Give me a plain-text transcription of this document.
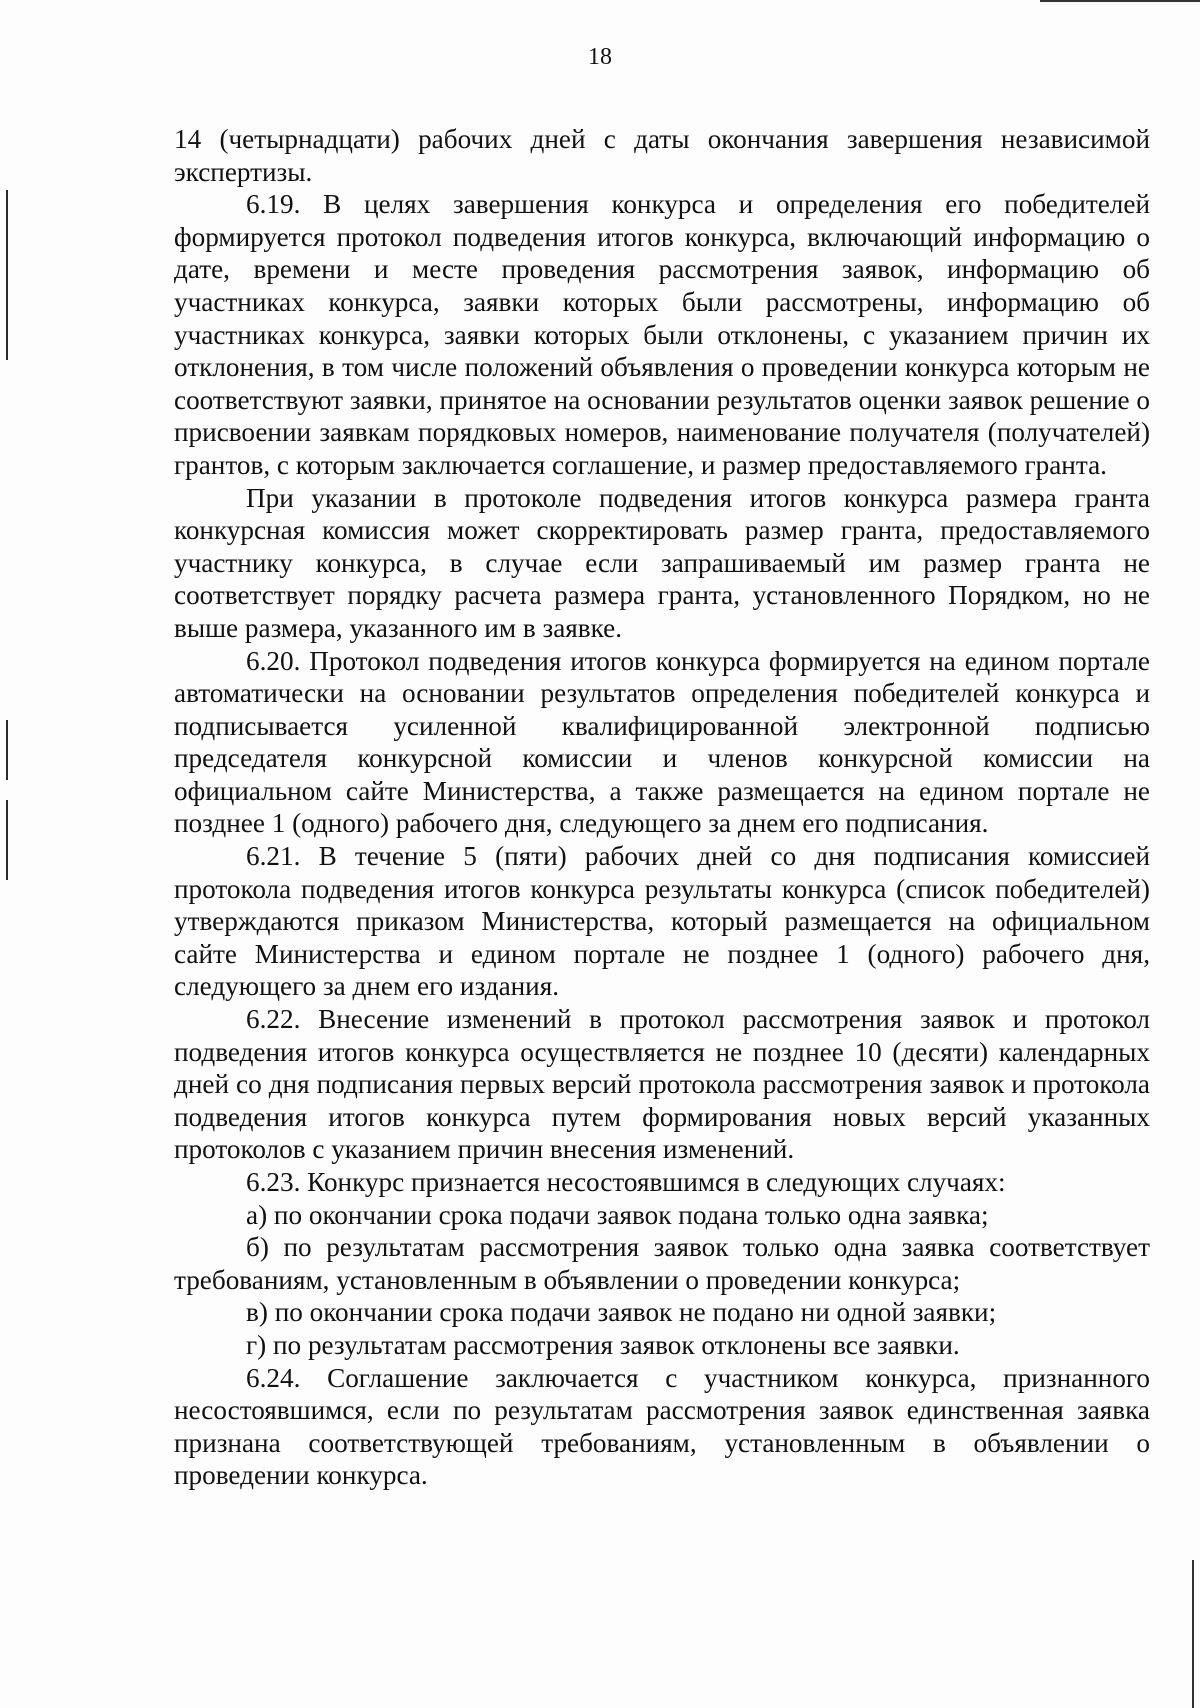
18

14 (четырнадцати) рабочих дней с даты окончания завершения независимой экспертизы.

6.19. В целях завершения конкурса и определения его победителей формируется протокол подведения итогов конкурса, включающий информацию о дате, времени и месте проведения рассмотрения заявок, информацию об участниках конкурса, заявки которых были рассмотрены, информацию об участниках конкурса, заявки которых были отклонены, с указанием причин их отклонения, в том числе положений объявления о проведении конкурса которым не соответствуют заявки, принятое на основании результатов оценки заявок решение о присвоении заявкам порядковых номеров, наименование получателя (получателей) грантов, с которым заключается соглашение, и размер предоставляемого гранта.

При указании в протоколе подведения итогов конкурса размера гранта конкурсная комиссия может скорректировать размер гранта, предоставляемого участнику конкурса, в случае если запрашиваемый им размер гранта не соответствует порядку расчета размера гранта, установленного Порядком, но не выше размера, указанного им в заявке.

6.20. Протокол подведения итогов конкурса формируется на едином портале автоматически на основании результатов определения победителей конкурса и подписывается усиленной квалифицированной электронной подписью председателя конкурсной комиссии и членов конкурсной комиссии на официальном сайте Министерства, а также размещается на едином портале не позднее 1 (одного) рабочего дня, следующего за днем его подписания.

6.21. В течение 5 (пяти) рабочих дней со дня подписания комиссией протокола подведения итогов конкурса результаты конкурса (список победителей) утверждаются приказом Министерства, который размещается на официальном сайте Министерства и едином портале не позднее 1 (одного) рабочего дня, следующего за днем его издания.

6.22. Внесение изменений в протокол рассмотрения заявок и протокол подведения итогов конкурса осуществляется не позднее 10 (десяти) календарных дней со дня подписания первых версий протокола рассмотрения заявок и протокола подведения итогов конкурса путем формирования новых версий указанных протоколов с указанием причин внесения изменений.

6.23. Конкурс признается несостоявшимся в следующих случаях:

а) по окончании срока подачи заявок подана только одна заявка;

б) по результатам рассмотрения заявок только одна заявка соответствует требованиям, установленным в объявлении о проведении конкурса;

в) по окончании срока подачи заявок не подано ни одной заявки;

г) по результатам рассмотрения заявок отклонены все заявки.

6.24. Соглашение заключается с участником конкурса, признанного несостоявшимся, если по результатам рассмотрения заявок единственная заявка признана соответствующей требованиям, установленным в объявлении о проведении конкурса.
